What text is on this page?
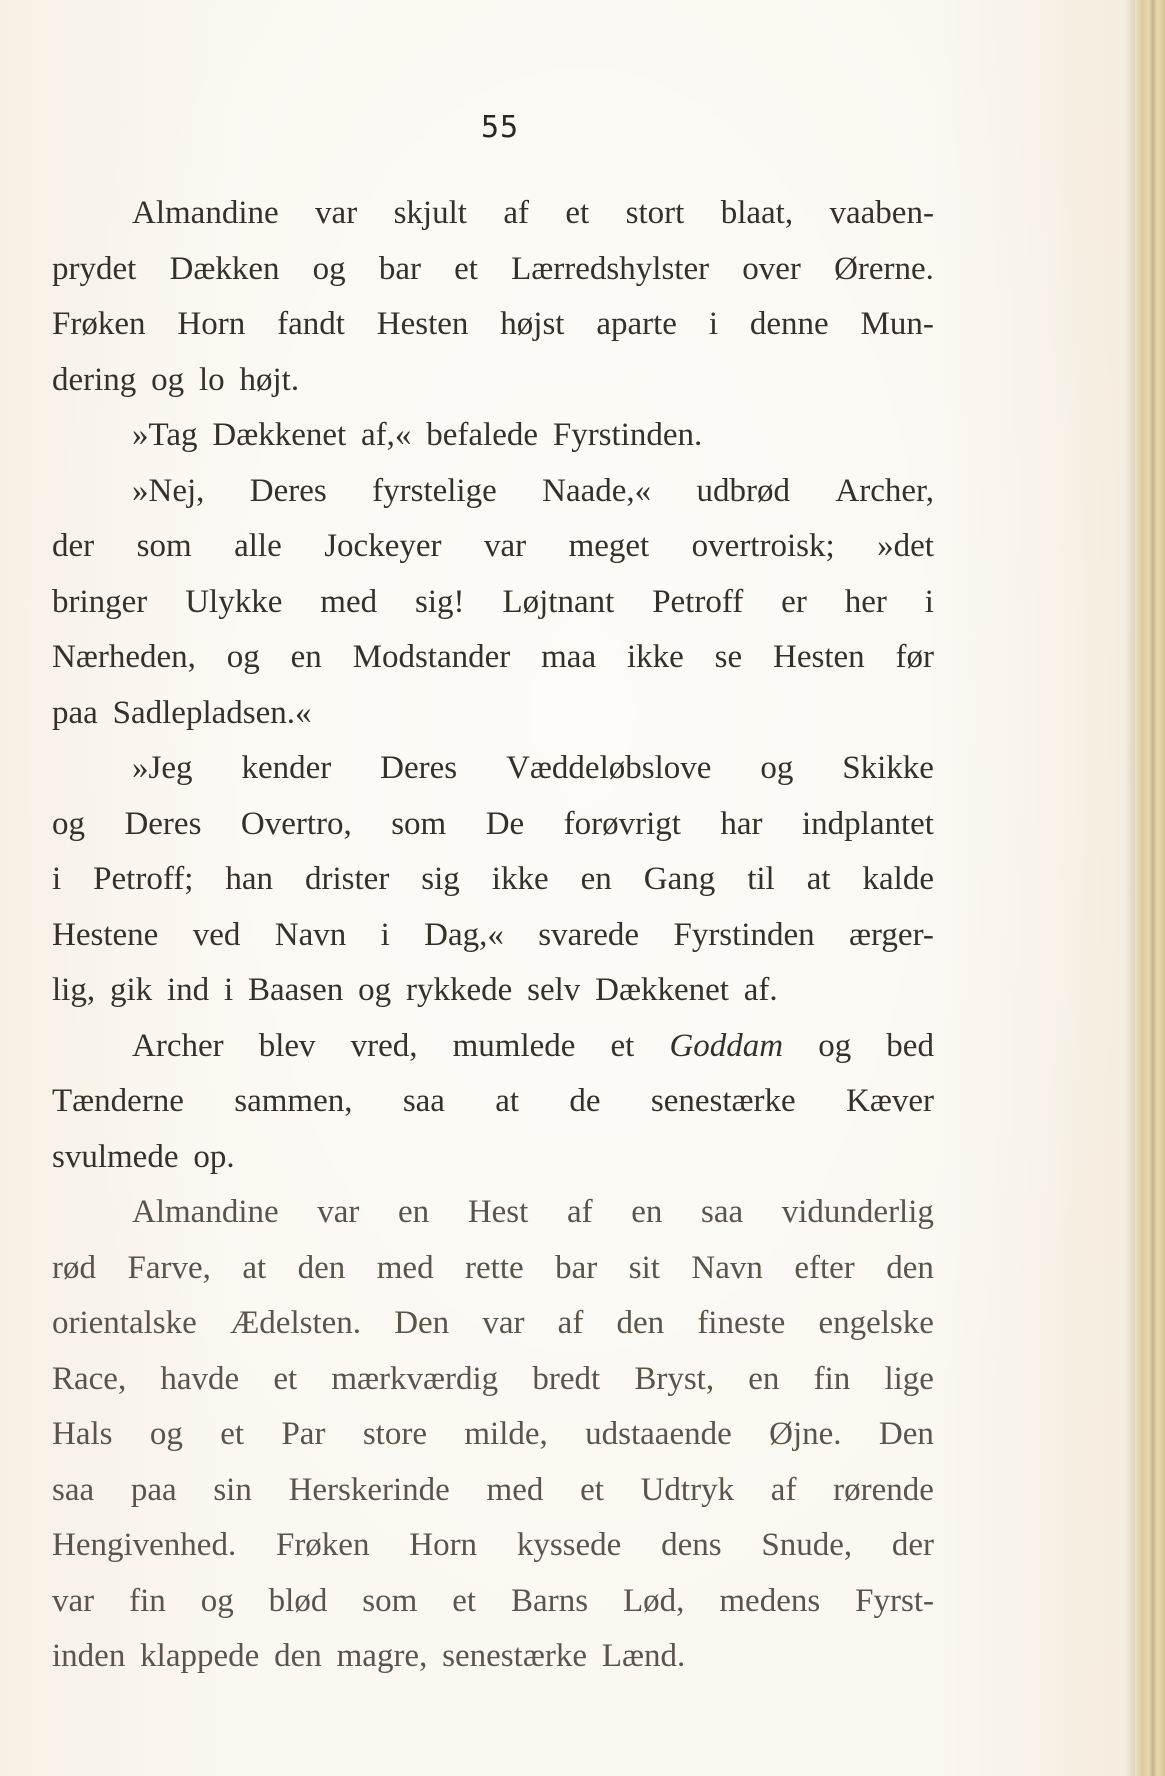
55
Almandine var skjult af et stort blaat, vaaben-
prydet Dækken og bar et Lærredshylster over Ørerne.
Frøken Horn fandt Hesten højst aparte i denne Mun-
dering og lo højt.
»Tag Dækkenet af,« befalede Fyrstinden.
»Nej, Deres fyrstelige Naade,« udbrød Archer,
der som alle Jockeyer var meget overtroisk; »det
bringer Ulykke med sig! Løjtnant Petroff er her i
Nærheden, og en Modstander maa ikke se Hesten før
paa Sadlepladsen.«
»Jeg kender Deres Væddeløbslove og Skikke
og Deres Overtro, som De forøvrigt har indplantet
i Petroff; han drister sig ikke en Gang til at kalde
Hestene ved Navn i Dag,« svarede Fyrstinden ærger-
lig, gik ind i Baasen og rykkede selv Dækkenet af.
Archer blev vred, mumlede et Goddam og bed
Tænderne sammen, saa at de senestærke Kæver
svulmede op.
Almandine var en Hest af en saa vidunderlig
rød Farve, at den med rette bar sit Navn efter den
orientalske Ædelsten. Den var af den fineste engelske
Race, havde et mærkværdig bredt Bryst, en fin lige
Hals og et Par store milde, udstaaende Øjne. Den
saa paa sin Herskerinde med et Udtryk af rørende
Hengivenhed. Frøken Horn kyssede dens Snude, der
var fin og blød som et Barns Lød, medens Fyrst-
inden klappede den magre, senestærke Lænd.
